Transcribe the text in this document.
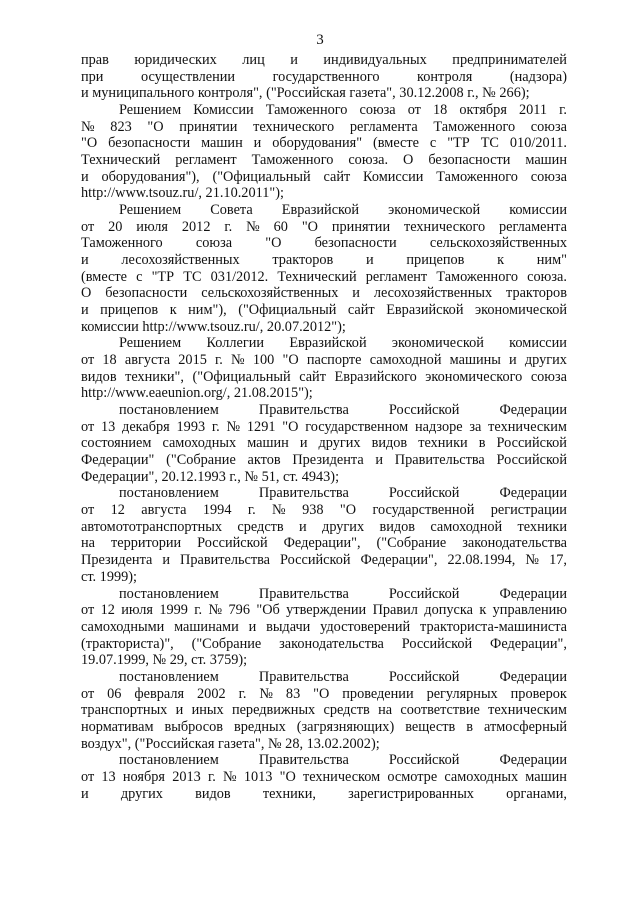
3
прав юридических лиц и индивидуальных предпринимателей
при	осуществлении	государственного	контроля	(надзора)
и муниципального контроля", ("Российская газета", 30.12.2008 г., № 266);
Решением Комиссии Таможенного союза от 18 октября 2011 г.
№ 823 "О принятии технического регламента Таможенного союза
"О безопасности машин и оборудования" (вместе с "ТР ТС 010/2011.
Технический регламент Таможенного союза. О безопасности машин
и оборудования"), ("Официальный сайт Комиссии Таможенного союза
http://www.tsouz.ru/, 21.10.2011");
Решением Совета Евразийской экономической комиссии
от 20 июля 2012 г. № 60 "О принятии технического регламента
Таможенного союза "О безопасности сельскохозяйственных
и лесохозяйственных тракторов и прицепов к ним"
(вместе с "ТР ТС 031/2012. Технический регламент Таможенного союза.
О безопасности сельскохозяйственных и лесохозяйственных тракторов
и прицепов к ним"), ("Официальный сайт Евразийской экономической
комиссии http://www.tsouz.ru/, 20.07.2012");
Решением Коллегии Евразийской экономической комиссии
от 18 августа 2015 г. № 100 "О паспорте самоходной машины и других
видов техники", ("Официальный сайт Евразийского экономического союза
http://www.eaeunion.org/, 21.08.2015");
постановлением	Правительства	Российской	Федерации
от 13 декабря 1993 г. № 1291 "О государственном надзоре за техническим
состоянием самоходных машин и других видов техники в Российской
Федерации" ("Собрание актов Президента и Правительства Российской
Федерации", 20.12.1993 г., № 51, ст. 4943);
постановлением	Правительства	Российской	Федерации
от 12 августа 1994 г. № 938 "О государственной регистрации
автомототранспортных средств и других видов самоходной техники
на территории Российской Федерации", ("Собрание законодательства
Президента и Правительства Российской Федерации", 22.08.1994, № 17,
ст. 1999);
постановлением	Правительства	Российской	Федерации
от 12 июля 1999 г. № 796 "Об утверждении Правил допуска к управлению
самоходными машинами и выдачи удостоверений тракториста-машиниста
(тракториста)", ("Собрание законодательства Российской Федерации",
19.07.1999, № 29, ст. 3759);
постановлением	Правительства	Российской	Федерации
от 06 февраля 2002 г. № 83 "О проведении регулярных проверок
транспортных и иных передвижных средств на соответствие техническим
нормативам выбросов вредных (загрязняющих) веществ в атмосферный
воздух", ("Российская газета", № 28, 13.02.2002);
постановлением	Правительства	Российской	Федерации
от 13 ноября 2013 г. № 1013 "О техническом осмотре самоходных машин
и других видов техники, зарегистрированных органами,
